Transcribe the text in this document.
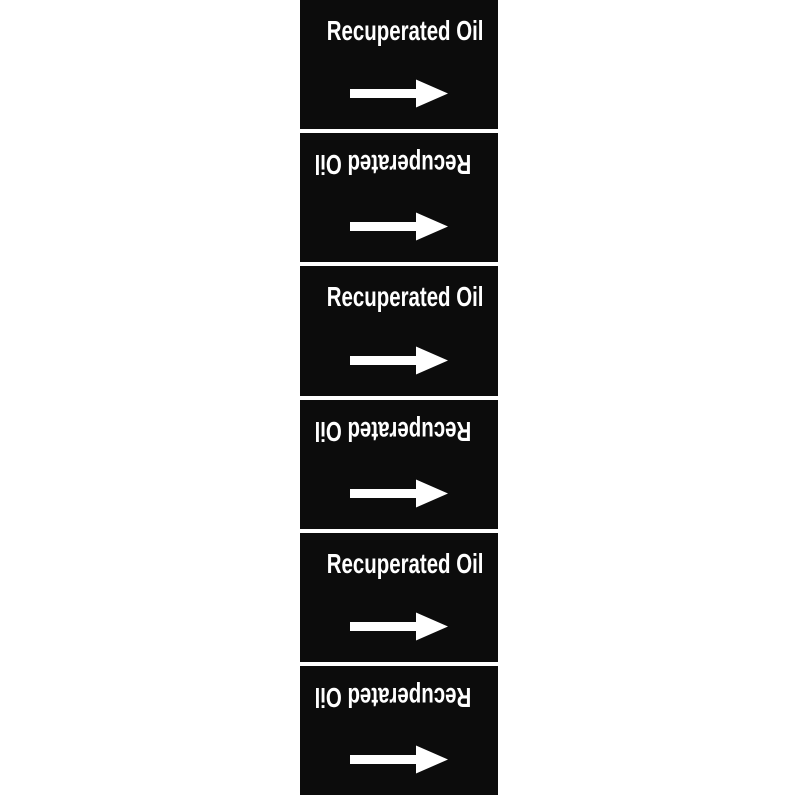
Recuperated Oil
Recuperated Oil
Recuperated Oil
Recuperated Oil
Recuperated Oil
Recuperated Oil
